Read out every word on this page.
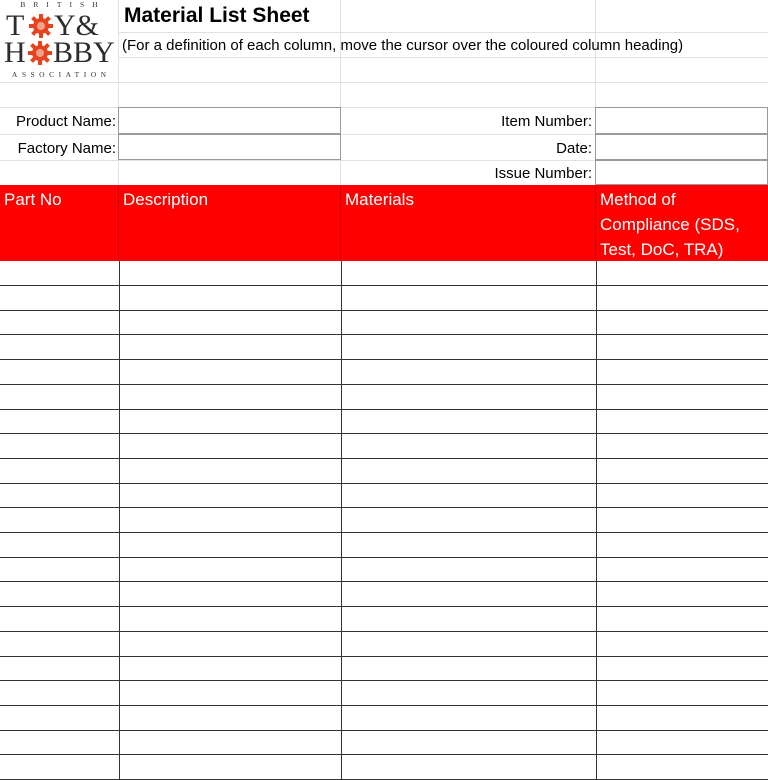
BRITISH
T Y&
H BBY
ASSOCIATION
Material List Sheet
(For a definition of each column, move the cursor over the coloured column heading)
Product Name:
Factory Name:
Item Number:
Date:
Issue Number:
Part No	Description	Materials	Method of Compliance (SDS, Test, DoC, TRA)
